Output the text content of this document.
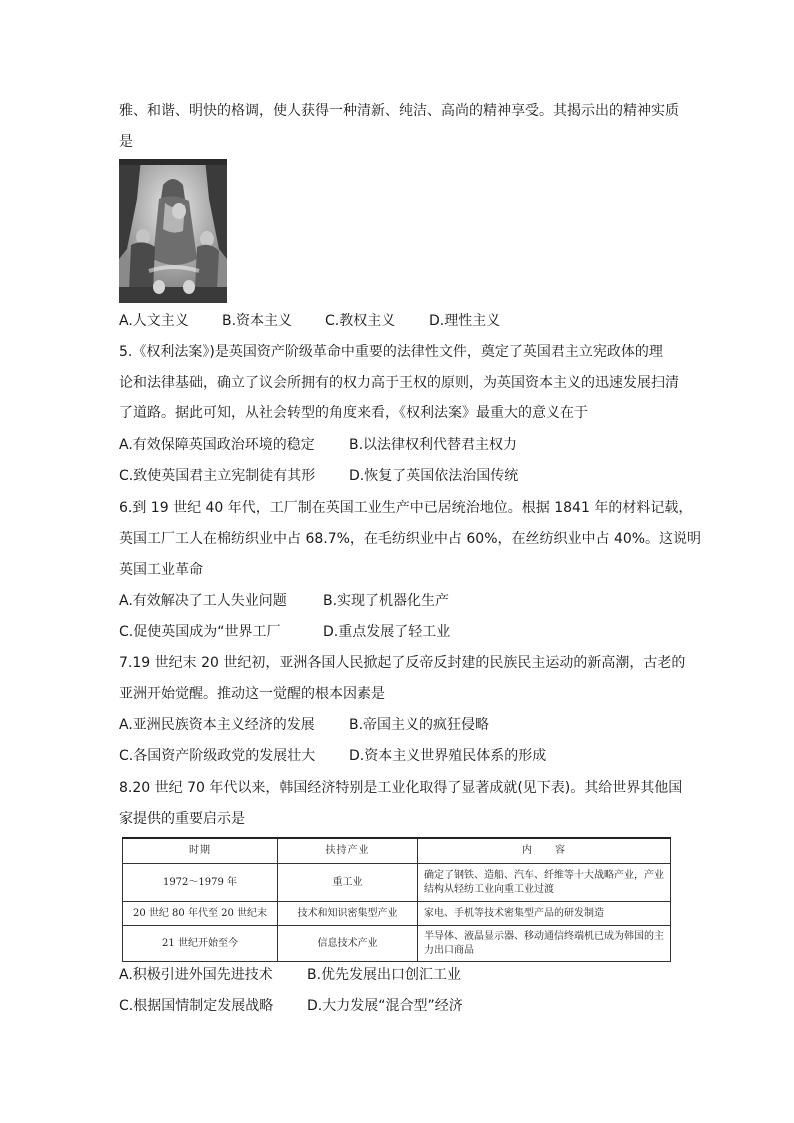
雅、和谐、明快的格调，使人获得一种清新、纯洁、高尚的精神享受。其揭示出的精神实质
是
A.人文主义 B.资本主义 C.教权主义 D.理性主义
5.《权利法案》)是英国资产阶级革命中重要的法律性文件，奠定了英国君主立宪政体的理
论和法律基础，确立了议会所拥有的权力高于王权的原则，为英国资本主义的迅速发展扫清
了道路。据此可知，从社会转型的角度来看，《权利法案》最重大的意义在于
A.有效保障英国政治环境的稳定 B.以法律权利代替君主权力
C.致使英国君主立宪制徒有其形 D.恢复了英国依法治国传统
6.到 19 世纪 40 年代，工厂制在英国工业生产中已居统治地位。根据 1841 年的材料记载，
英国工厂工人在棉纺织业中占 68.7%，在毛纺织业中占 60%，在丝纺织业中占 40%。这说明
英国工业革命
A.有效解决了工人失业问题	B.实现了机器化生产
C.促使英国成为“世界工厂	D.重点发展了轻工业
7.19 世纪末 20 世纪初，亚洲各国人民掀起了反帝反封建的民族民主运动的新高潮，古老的
亚洲开始觉醒。推动这一觉醒的根本因素是
A.亚洲民族资本主义经济的发展 B.帝国主义的疯狂侵略
C.各国资产阶级政党的发展壮大 D.资本主义世界殖民体系的形成
8.20 世纪 70 年代以来，韩国经济特别是工业化取得了显著成就(见下表)。其给世界其他国
家提供的重要启示是
时期	扶持产业	内　　容
1972～1979 年	重工业	确定了钢铁、造船、汽车、纤维等十大战略产业，产业结构从轻纺工业向重工业过渡
20 世纪 80 年代至 20 世纪末	技术和知识密集型产业	家电、手机等技术密集型产品的研发制造
21 世纪开始至今	信息技术产业	半导体、液晶显示器、移动通信终端机已成为韩国的主力出口商品
A.积极引进外国先进技术 B.优先发展出口创汇工业
C.根据国情制定发展战略 D.大力发展“混合型”经济
